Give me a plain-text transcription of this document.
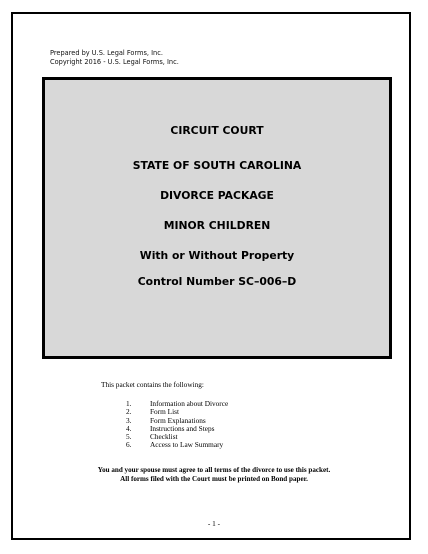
Prepared by U.S. Legal Forms, Inc.
Copyright 2016 - U.S. Legal Forms, Inc.
CIRCUIT COURT
STATE OF SOUTH CAROLINA
DIVORCE PACKAGE
MINOR CHILDREN
With or Without Property
Control Number SC–006–D
This packet contains the following:
1.	Information about Divorce
2.	Form List
3.	Form Explanations
4.	Instructions and Steps
5.	Checklist
6.	Access to Law Summary
You and your spouse must agree to all terms of the divorce to use this packet.
All forms filed with the Court must be printed on Bond paper.
- 1 -
